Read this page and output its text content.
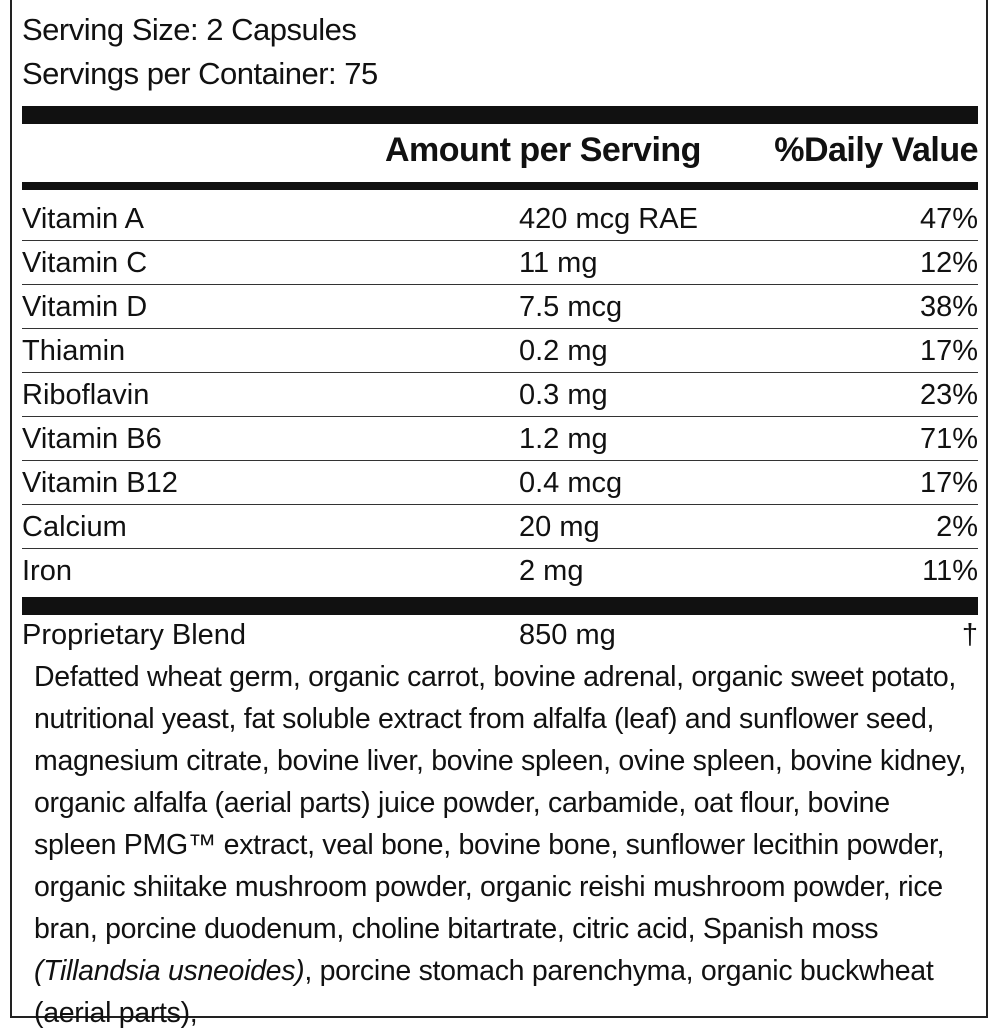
Serving Size: 2 Capsules
Servings per Container: 75
Amount per Serving %Daily Value
Vitamin A	420 mcg RAE	47%
Vitamin C	11 mg	12%
Vitamin D	7.5 mcg	38%
Thiamin	0.2 mg	17%
Riboflavin	0.3 mg	23%
Vitamin B6	1.2 mg	71%
Vitamin B12	0.4 mcg	17%
Calcium	20 mg	2%
Iron	2 mg	11%
Proprietary Blend	850 mg	†
Defatted wheat germ, organic carrot, bovine adrenal, organic sweet potato, nutritional yeast, fat soluble extract from alfalfa (leaf) and sunflower seed, magnesium citrate, bovine liver, bovine spleen, ovine spleen, bovine kidney, organic alfalfa (aerial parts) juice powder, carbamide, oat flour, bovine spleen PMG™ extract, veal bone, bovine bone, sunflower lecithin powder, organic shiitake mushroom powder, organic reishi mushroom powder, rice bran, porcine duodenum, choline bitartrate, citric acid, Spanish moss (Tillandsia usneoides), porcine stomach parenchyma, organic buckwheat (aerial parts),
